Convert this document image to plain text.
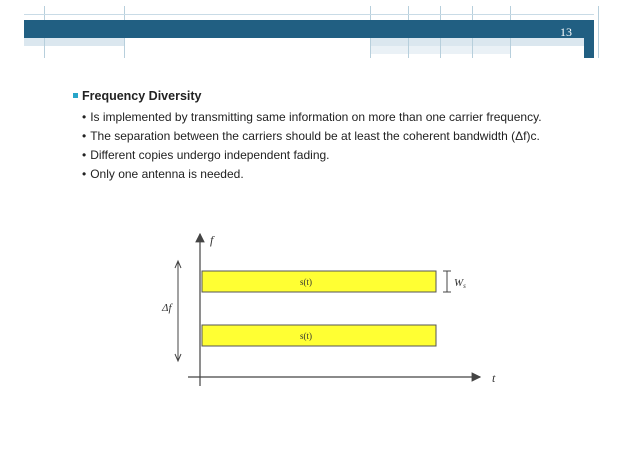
13
Frequency Diversity
• Is implemented by transmitting same information on more than one carrier frequency.
• The separation between the carriers should be at least the coherent bandwidth (Δf)c.
• Different copies undergo independent fading.
• Only one antenna is needed.
f
t
s(t)
s(t)
Ws
Δf
